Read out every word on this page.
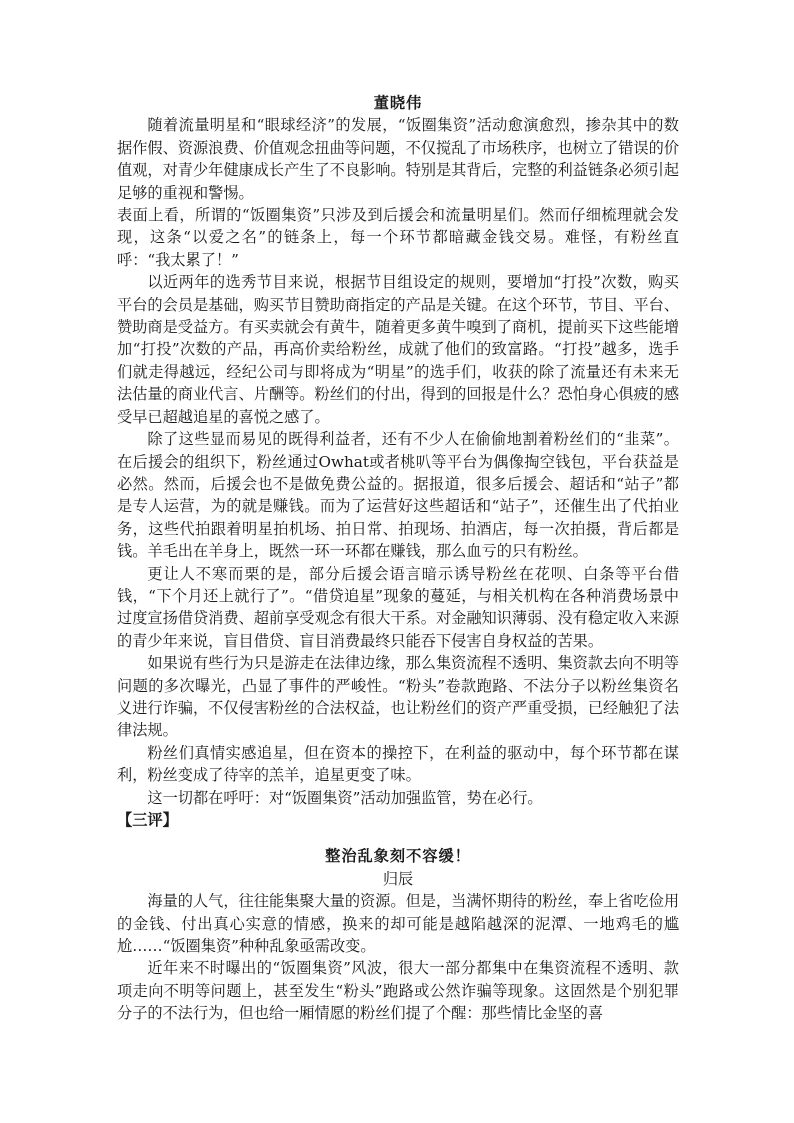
董晓伟

随着流量明星和“眼球经济”的发展，“饭圈集资”活动愈演愈烈，掺杂其中的数据作假、资源浪费、价值观念扭曲等问题，不仅搅乱了市场秩序，也树立了错误的价值观，对青少年健康成长产生了不良影响。特别是其背后，完整的利益链条必须引起足够的重视和警惕。

表面上看，所谓的“饭圈集资”只涉及到后援会和流量明星们。然而仔细梳理就会发现，这条“以爱之名”的链条上，每一个环节都暗藏金钱交易。难怪，有粉丝直呼：“我太累了！”

以近两年的选秀节目来说，根据节目组设定的规则，要增加“打投”次数，购买平台的会员是基础，购买节目赞助商指定的产品是关键。在这个环节，节目、平台、赞助商是受益方。有买卖就会有黄牛，随着更多黄牛嗅到了商机，提前买下这些能增加“打投”次数的产品，再高价卖给粉丝，成就了他们的致富路。“打投”越多，选手们就走得越远，经纪公司与即将成为“明星”的选手们，收获的除了流量还有未来无法估量的商业代言、片酬等。粉丝们的付出，得到的回报是什么？恐怕身心俱疲的感受早已超越追星的喜悦之感了。

除了这些显而易见的既得利益者，还有不少人在偷偷地割着粉丝们的“韭菜”。在后援会的组织下，粉丝通过Owhat或者桃叭等平台为偶像掏空钱包，平台获益是必然。然而，后援会也不是做免费公益的。据报道，很多后援会、超话和“站子”都是专人运营，为的就是赚钱。而为了运营好这些超话和“站子”，还催生出了代拍业务，这些代拍跟着明星拍机场、拍日常、拍现场、拍酒店，每一次拍摄，背后都是钱。羊毛出在羊身上，既然一环一环都在赚钱，那么血亏的只有粉丝。

更让人不寒而栗的是，部分后援会语言暗示诱导粉丝在花呗、白条等平台借钱，“下个月还上就行了”。“借贷追星”现象的蔓延，与相关机构在各种消费场景中过度宣扬借贷消费、超前享受观念有很大干系。对金融知识薄弱、没有稳定收入来源的青少年来说，盲目借贷、盲目消费最终只能吞下侵害自身权益的苦果。

如果说有些行为只是游走在法律边缘，那么集资流程不透明、集资款去向不明等问题的多次曝光，凸显了事件的严峻性。“粉头”卷款跑路、不法分子以粉丝集资名义进行诈骗，不仅侵害粉丝的合法权益，也让粉丝们的资产严重受损，已经触犯了法律法规。

粉丝们真情实感追星，但在资本的操控下，在利益的驱动中，每个环节都在谋利，粉丝变成了待宰的羔羊，追星更变了味。

这一切都在呼吁：对“饭圈集资”活动加强监管，势在必行。

【三评】

整治乱象刻不容缓！

归辰

海量的人气，往往能集聚大量的资源。但是，当满怀期待的粉丝，奉上省吃俭用的金钱、付出真心实意的情感，换来的却可能是越陷越深的泥潭、一地鸡毛的尴尬……“饭圈集资”种种乱象亟需改变。

近年来不时曝出的“饭圈集资”风波，很大一部分都集中在集资流程不透明、款项走向不明等问题上，甚至发生“粉头”跑路或公然诈骗等现象。这固然是个别犯罪分子的不法行为，但也给一厢情愿的粉丝们提了个醒：那些情比金坚的喜
